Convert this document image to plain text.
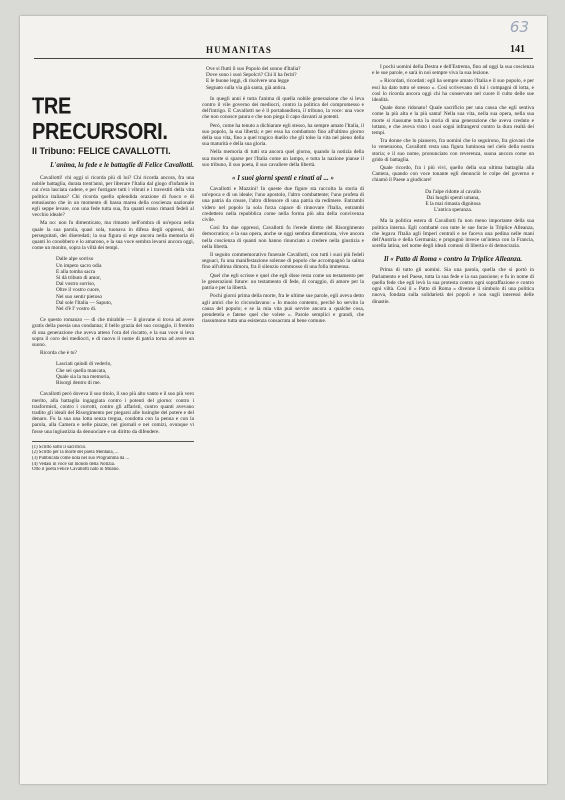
63
HUMANITAS	141
TRE PRECURSORI.
Il Tribuno: FELICE CAVALLOTTI.
L'anima, la fede e le battaglie di Felice Cavallotti.

Cavallotti! chi oggi si ricorda più di lui? Chi ricorda ancora, fra una nobile battaglia, durata trent'anni, per liberare l'Italia dal giogo d'infamie in cui s'era lasciata cadere, e per fustigare tutti i vibrati e i travestiti della vita politica italiana? Chi ricorda quella splendida orazione di fuoco e di entusiasmo che in un momento di bassa marea della coscienza nazionale egli seppe levare, con una fede tutta sua, fra quanti erano rimasti fedeli al vecchio ideale?

Ma no: non fu dimenticato, ma rimasto nell'ombra di un'epoca nella quale la sua parola, quasi sola, tuonava in difesa degli oppressi, dei perseguitati, dei diseredati; la sua figura si erge ancora nella memoria di quanti lo conobbero e lo amarono, e la sua voce sembra levarsi ancora oggi, come un monito, sopra la viltà dei tempi.

Dalle alpe sorriso
Un impeto sacro odia
E alla tomba sacra
Si dà tributo di amor,
Dal vostro sorriso,
Oltre il vostro cuore,
Nel suo sentir pietoso
Dal sole l'Italia — Saputo,
Nel d'è I' vostro di.

Ce questo romanzo — di che mirabile — il giovane si trova ad avere gratis della poesia una condanna; il bello grazia del suo coraggio, il fremito di una generazione che aveva atteso l'ora del riscatto, e la sua voce si leva sopra il coro dei mediocri, e di nuovo il nome di patria torna ad avere un suono.

Ricorda che è tu?

Lasciati quindi di vederlo,
Che sei quella mancata,
Quale sia la tua memoria,
Risorgi dentro di me.

Cavallotti però doveva il suo titolo, il suo più alto vanto e il suo più vero merito, alla battaglia ingaggiata contro i potenti del giorno: contro i trasformisti, contro i corrotti, contro gli affaristi, contro quanti avevano tradito gli ideali del Risorgimento per piegarsi alle lusinghe del potere e del denaro. Fu la sua una lotta senza tregua, condotta con la penna e con la parola, alla Camera e nelle piazze, nei giornali e nei comizi, ovunque vi fosse una ingiustizia da denunciare e un diritto da difendere.

(1) Scritto sotto il sacrificio.
(2) Scritto per la morte del poeta Mentana, ...
(3) Pubblicata come nota nel suo Programma da ...
(4) Vedasi in voce sul mondo della Notizia.
Otto il poeta Felice Cavallotti nato in Milano.
Ove si flutti il suo Popolo del sonno d'Italia?
Dove sono i suoi Sepolcri? Chi li ha feriti?
E le buone leggi, di risolvere una legge
Segnato sulla via già santa, già antica.

In quegli anni è tutta l'anima di quella nobile generazione che si leva contro il vile governo dei mediocri, contro la politica del compromesso e dell'intrigo. E Cavallotti ne è il portabandiera, il tribuno, la voce: una voce che non conosce paura e che non piega il capo davanti ai potenti.

Però, come ha tenuto a dichiarare egli stesso, ha sempre amato l'Italia, il suo popolo, la sua libertà; e per essa ha combattuto fino all'ultimo giorno della sua vita, fino a quel tragico duello che gli tolse la vita nel pieno della sua maturità e della sua gloria.

Nella memoria di tutti sta ancora quel giorno, quando la notizia della sua morte si sparse per l'Italia come un lampo, e tutta la nazione pianse il suo tribuno, il suo poeta, il suo cavaliere della libertà.

« I suoi giorni spenti e rinati al ... »

Cavallotti e Mazzini! In queste due figure sta raccolta la storia di un'epoca e di un ideale; l'uno apostolo, l'altro combattente; l'uno profeta di una patria da creare, l'altro difensore di una patria da redimere. Entrambi videro nel popolo la sola forza capace di rinnovare l'Italia, entrambi credettero nella repubblica come nella forma più alta della convivenza civile.

Così fra due oppressi, Cavallotti fu l'erede diretto del Risorgimento democratico; e la sua opera, anche se oggi sembra dimenticata, vive ancora nella coscienza di quanti non hanno rinunciato a credere nella giustizia e nella libertà.

Il seguito commemorativo funerale Cavallotti, con tutti i suoi più fedeli seguaci, fu una manifestazione solenne di popolo che accompagnò la salma fino all'ultima dimora, fra il silenzio commosso di una folla immensa.

Quel che egli scrisse e quel che egli disse resta come un testamento per le generazioni future: un testamento di fede, di coraggio, di amore per la patria e per la libertà.

Pochi giorni prima della morte, fra le ultime sue parole, egli aveva detto agli amici che lo circondavano: « Io muoio contento, perché ho servito la causa del popolo; e se la mia vita può servire ancora a qualche cosa, prendetela e fatene quel che volete ». Parole semplici e grandi, che riassumono tutta una esistenza consacrata al bene comune.

I pochi uomini della Destra e dell'Estrema, fino ad oggi la sua coscienza e le sue parole, e sarà in noi sempre viva la sua lezione.

« Ricordati, ricordati: egli ha sempre amato l'Italia e il suo popolo, e per essi ha dato tutto sé stesso ». Così scrivevano di lui i compagni di lotta, e così lo ricorda ancora oggi chi ha conservato nel cuore il culto delle sue idealità.

Quale dono ridonato! Quale sacrificio per una causa che egli sentiva come la più alta e la più santa! Nella sua vita, nella sua opera, nella sua morte si riassume tutta la storia di una generazione che aveva creduto e lottato, e che aveva visto i suoi sogni infrangersi contro la dura realtà dei tempi.

Tra donne che lo piansero, fra uomini che lo seguirono, fra giovani che lo venerarono, Cavallotti resta una figura luminosa nel cielo della nostra storia; e il suo nome, pronunciato con reverenza, suona ancora come un grido di battaglia.

Quale ricordo, fra i più vivi, quello della sua ultima battaglia alla Camera, quando con voce tonante egli denunciò le colpe del governo e chiamò il Paese a giudicare!

Da l'alpe ridotte al cavallo
Dai luoghi spenti umana,
E la mai rimasta dignitosa
L'antica speranza.

Ma la politica estera di Cavallotti fu non meno importante della sua politica interna. Egli combatté con tutte le sue forze la Triplice Alleanza, che legava l'Italia agli Imperi centrali e ne faceva una pedina nelle mani dell'Austria e della Germania; e propugnò invece un'intesa con la Francia, sorella latina, nel nome degli ideali comuni di libertà e di democrazia.

Il « Patto di Roma » contro la Triplice Alleanza.

Prima di tutto gli uomini. Sia una parola, quella che si portò in Parlamento e nel Paese, tutta la sua fede e la sua passione; e fu in nome di quella fede che egli levò la sua protesta contro ogni sopraffazione e contro ogni viltà. Così il « Patto di Roma » divenne il simbolo di una politica nuova, fondata sulla solidarietà dei popoli e non sugli interessi delle dinastie.
